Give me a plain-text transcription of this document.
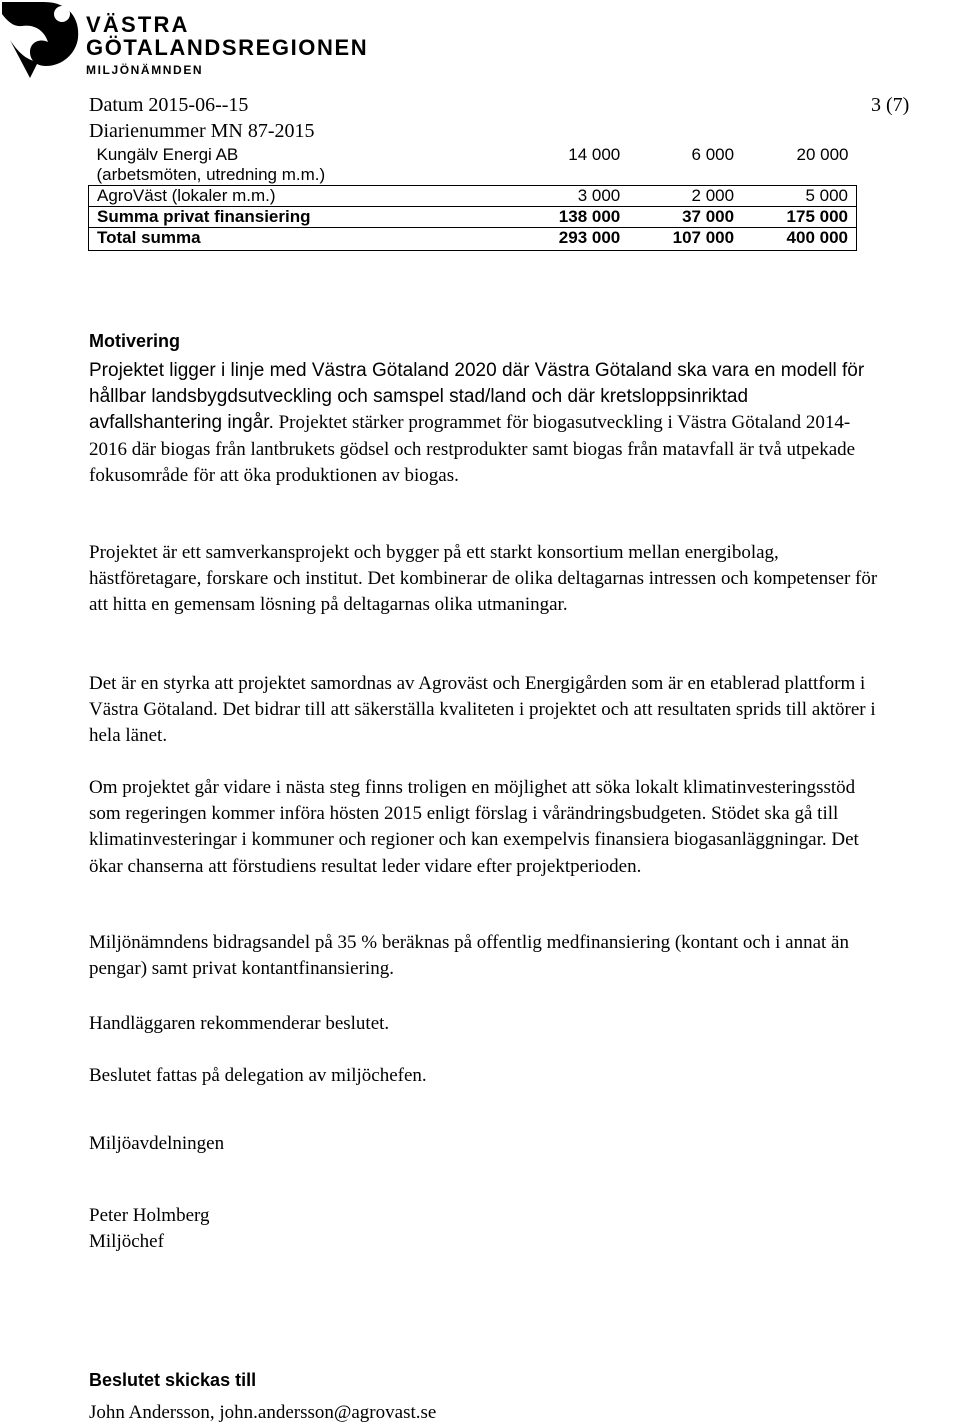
VÄSTRA
GÖTALANDSREGIONEN
MILJÖNÄMNDEN
Datum 2015-06--15
Diarienummer MN 87-2015
3 (7)
Kungälv Energi AB	14 000	6 000	20 000
(arbetsmöten, utredning m.m.)			
AgroVäst (lokaler m.m.)	3 000	2 000	5 000
Summa privat finansiering	138 000	37 000	175 000
Total summa	293 000	107 000	400 000
Motivering

Projektet ligger i linje med Västra Götaland 2020 där Västra Götaland ska vara en modell för hållbar landsbygdsutveckling och samspel stad/land och där kretsloppsinriktad avfallshantering ingår. Projektet stärker programmet för biogasutveckling i Västra Götaland 2014-2016 där biogas från lantbrukets gödsel och restprodukter samt biogas från matavfall är två utpekade fokusområde för att öka produktionen av biogas.

Projektet är ett samverkansprojekt och bygger på ett starkt konsortium mellan energibolag, hästföretagare, forskare och institut. Det kombinerar de olika deltagarnas intressen och kompetenser för att hitta en gemensam lösning på deltagarnas olika utmaningar.

Det är en styrka att projektet samordnas av Agroväst och Energigården som är en etablerad plattform i Västra Götaland. Det bidrar till att säkerställa kvaliteten i projektet och att resultaten sprids till aktörer i hela länet.

Om projektet går vidare i nästa steg finns troligen en möjlighet att söka lokalt klimatinvesteringsstöd som regeringen kommer införa hösten 2015 enligt förslag i vårändringsbudgeten. Stödet ska gå till klimatinvesteringar i kommuner och regioner och kan exempelvis finansiera biogasanläggningar. Det ökar chanserna att förstudiens resultat leder vidare efter projektperioden.

Miljönämndens bidragsandel på 35 % beräknas på offentlig medfinansiering (kontant och i annat än pengar) samt privat kontantfinansiering.

Handläggaren rekommenderar beslutet.

Beslutet fattas på delegation av miljöchefen.

Miljöavdelningen
Peter Holmberg
Miljöchef
Beslutet skickas till
John Andersson, john.andersson@agrovast.se
